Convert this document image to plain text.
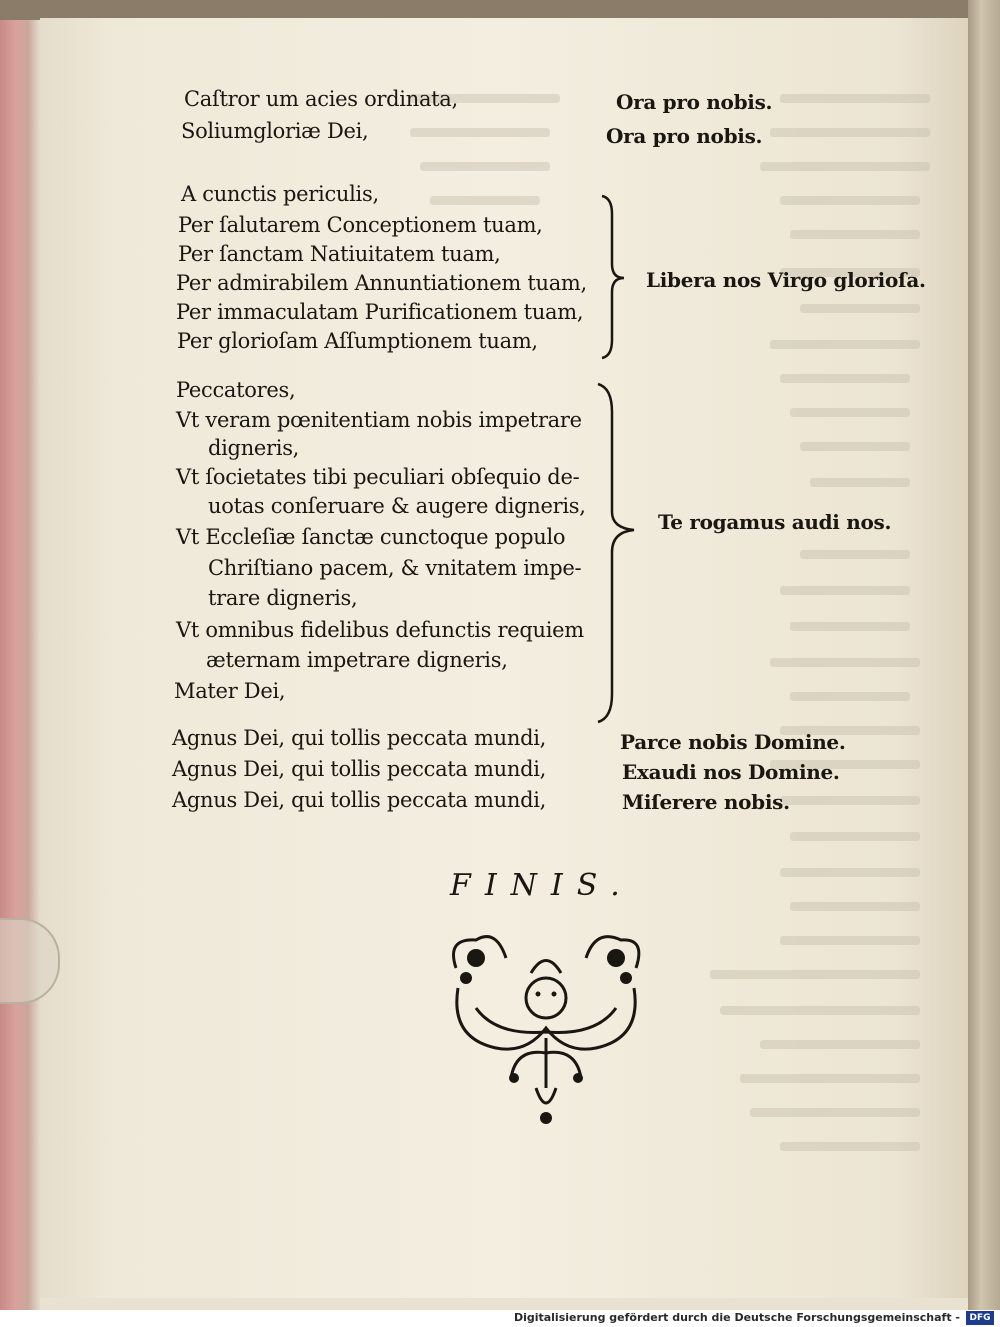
Caſtror um acies ordinata,	Ora pro nobis.
Soliumgloriæ Dei,	Ora pro nobis.
A cunctis periculis,
Per ſalutarem Conceptionem tuam,
Per ſanctam Natiuitatem tuam,
Per admirabilem Annuntiationem tuam,
Per immaculatam Purificationem tuam,
Per glorioſam Aſſumptionem tuam,
Libera nos Virgo glorioſa.
Peccatores,
Vt veram pœnitentiam nobis impetrare
digneris,
Vt ſocietates tibi peculiari obſequio de-
uotas conſeruare & augere digneris,
Vt Eccleſiæ ſanctæ cunctoque populo
Chriſtiano pacem, & vnitatem impe-
trare digneris,
Vt omnibus fidelibus defunctis requiem
æternam impetrare digneris,
Mater Dei,
Te rogamus audi nos.
Agnus Dei, qui tollis peccata mundi,	Parce nobis Domine.
Agnus Dei, qui tollis peccata mundi,	Exaudi nos Domine.
Agnus Dei, qui tollis peccata mundi,	Miſerere nobis.
FINIS.
Digitalisierung gefördert durch die Deutsche Forschungsgemeinschaft -	DFG
